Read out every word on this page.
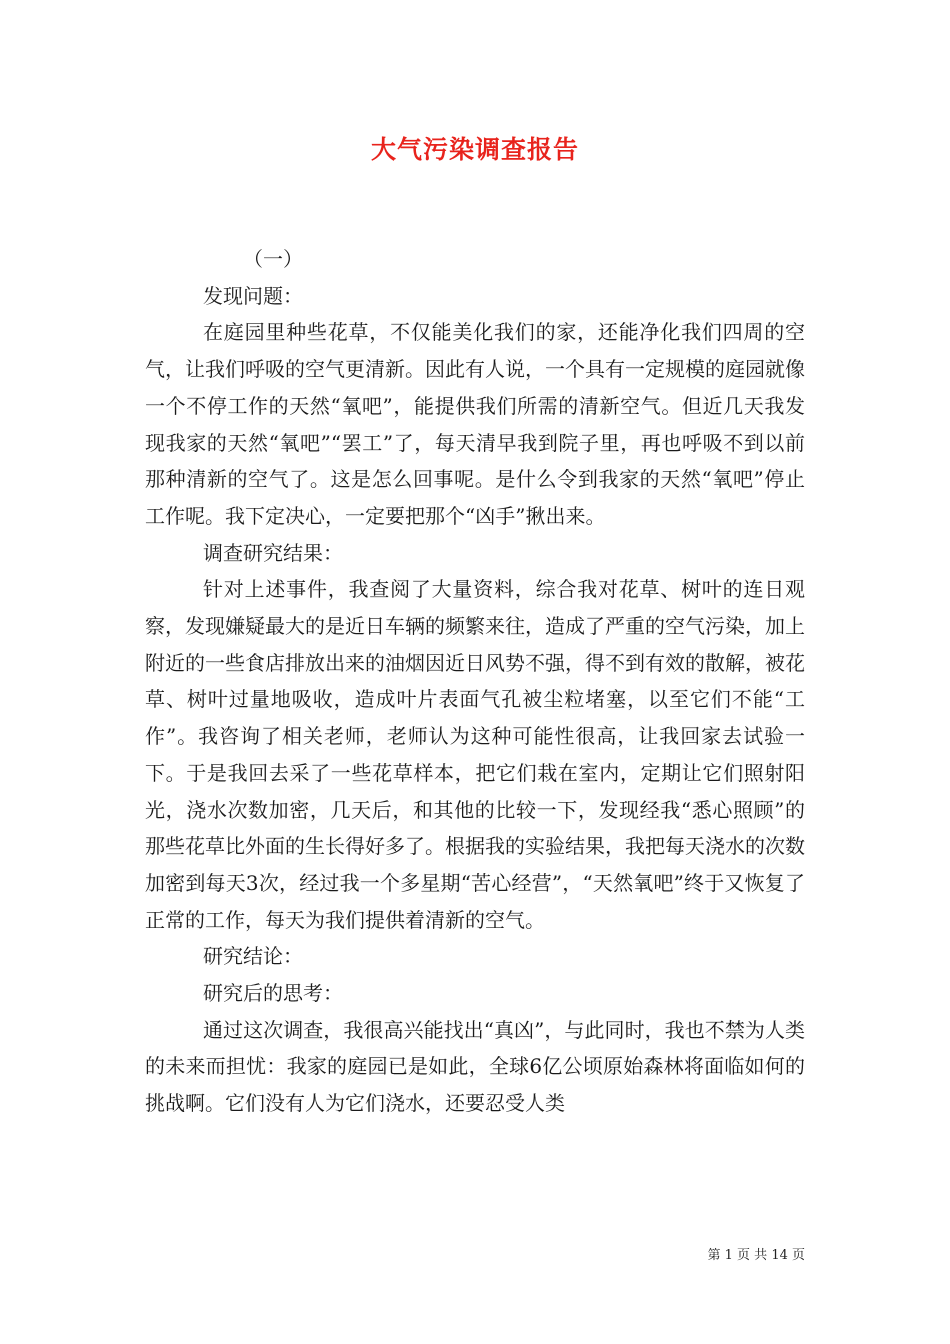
大气污染调查报告

（一）

发现问题：

在庭园里种些花草，不仅能美化我们的家，还能净化我们四周的空气，让我们呼吸的空气更清新。因此有人说，一个具有一定规模的庭园就像一个不停工作的天然“氧吧”，能提供我们所需的清新空气。但近几天我发现我家的天然“氧吧”“罢工”了，每天清早我到院子里，再也呼吸不到以前那种清新的空气了。这是怎么回事呢。是什么令到我家的天然“氧吧”停止工作呢。我下定决心，一定要把那个“凶手”揪出来。

调查研究结果：

针对上述事件，我查阅了大量资料，综合我对花草、树叶的连日观察，发现嫌疑最大的是近日车辆的频繁来往，造成了严重的空气污染，加上附近的一些食店排放出来的油烟因近日风势不强，得不到有效的散解，被花草、树叶过量地吸收，造成叶片表面气孔被尘粒堵塞，以至它们不能“工作”。我咨询了相关老师，老师认为这种可能性很高，让我回家去试验一下。于是我回去采了一些花草样本，把它们栽在室内，定期让它们照射阳光，浇水次数加密，几天后，和其他的比较一下，发现经我“悉心照顾”的那些花草比外面的生长得好多了。根据我的实验结果，我把每天浇水的次数加密到每天3次，经过我一个多星期“苦心经营”，“天然氧吧”终于又恢复了正常的工作，每天为我们提供着清新的空气。

研究结论：

研究后的思考：

通过这次调查，我很高兴能找出“真凶”，与此同时，我也不禁为人类的未来而担忧：我家的庭园已是如此，全球6亿公顷原始森林将面临如何的挑战啊。它们没有人为它们浇水，还要忍受人类

第 1 页 共 14 页
